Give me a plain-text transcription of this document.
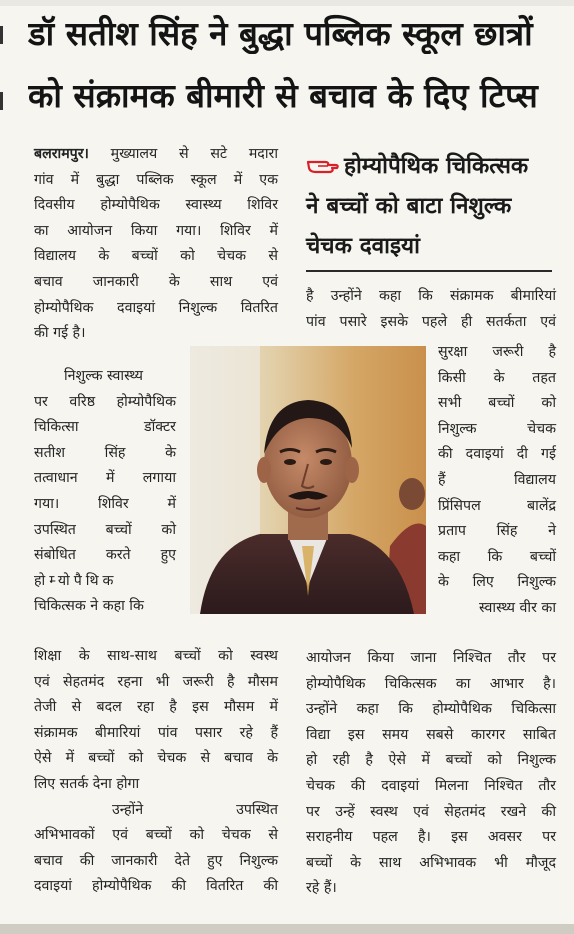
डॉ सतीश सिंह ने बुद्धा पब्लिक स्कूल छात्रों
को संक्रामक बीमारी से बचाव के दिए टिप्स
होम्योपैथिक चिकित्सक
ने बच्चों को बाटा निशुल्क
चेचक दवाइयां
बलरामपुर। मुख्यालय से सटे मदारा
गांव में बुद्धा पब्लिक स्कूल में एक
दिवसीय होम्योपैथिक स्वास्थ्य शिविर
का आयोजन किया गया। शिविर में
विद्यालय के बच्चों को चेचक से
बचाव जानकारी के साथ एवं
होम्योपैथिक दवाइयां निशुल्क वितरित
की गई है।
निशुल्क स्वास्थ्य
पर वरिष्ठ होम्योपैथिक
चिकित्सा डॉक्टर
सतीश सिंह के
तत्वाधान में लगाया
गया। शिविर में
उपस्थित बच्चों को
संबोधित करते हुए
होम्योपैथिक
चिकित्सक ने कहा कि
शिक्षा के साथ-साथ बच्चों को स्वस्थ
एवं सेहतमंद रहना भी जरूरी है मौसम
तेजी से बदल रहा है इस मौसम में
संक्रामक बीमारियां पांव पसार रहे हैं
ऐसे में बच्चों को चेचक से बचाव के
लिए सतर्क देना होगा
उन्होंने उपस्थित
अभिभावकों एवं बच्चों को चेचक से
बचाव की जानकारी देते हुए निशुल्क
दवाइयां होम्योपैथिक की वितरित की
है उन्होंने कहा कि संक्रामक बीमारियां
पांव पसारे इसके पहले ही सतर्कता एवं
सुरक्षा जरूरी है
किसी के तहत
सभी बच्चों को
निशुल्क चेचक
की दवाइयां दी गई
हैं विद्यालय
प्रिंसिपल बालेंद्र
प्रताप सिंह ने
कहा कि बच्चों
के लिए निशुल्क
स्वास्थ्य वीर का
आयोजन किया जाना निश्चित तौर पर
होम्योपैथिक चिकित्सक का आभार है।
उन्होंने कहा कि होम्योपैथिक चिकित्सा
विद्या इस समय सबसे कारगर साबित
हो रही है ऐसे में बच्चों को निशुल्क
चेचक की दवाइयां मिलना निश्चित तौर
पर उन्हें स्वस्थ एवं सेहतमंद रखने की
सराहनीय पहल है। इस अवसर पर
बच्चों के साथ अभिभावक भी मौजूद
रहे हैं।
